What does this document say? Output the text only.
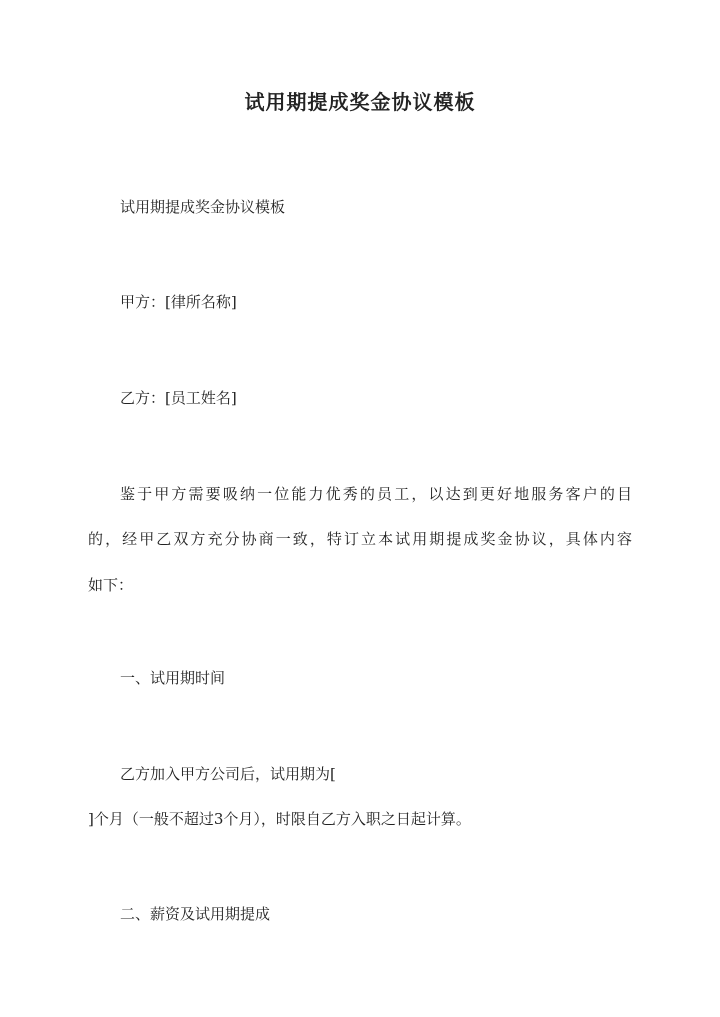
试用期提成奖金协议模板
试用期提成奖金协议模板
甲方：[律所名称]
乙方：[员工姓名]
鉴于甲方需要吸纳一位能力优秀的员工，以达到更好地服务客户的目
的，经甲乙双方充分协商一致，特订立本试用期提成奖金协议，具体内容
如下：
一、试用期时间
乙方加入甲方公司后，试用期为[
]个月（一般不超过3个月），时限自乙方入职之日起计算。
二、薪资及试用期提成
